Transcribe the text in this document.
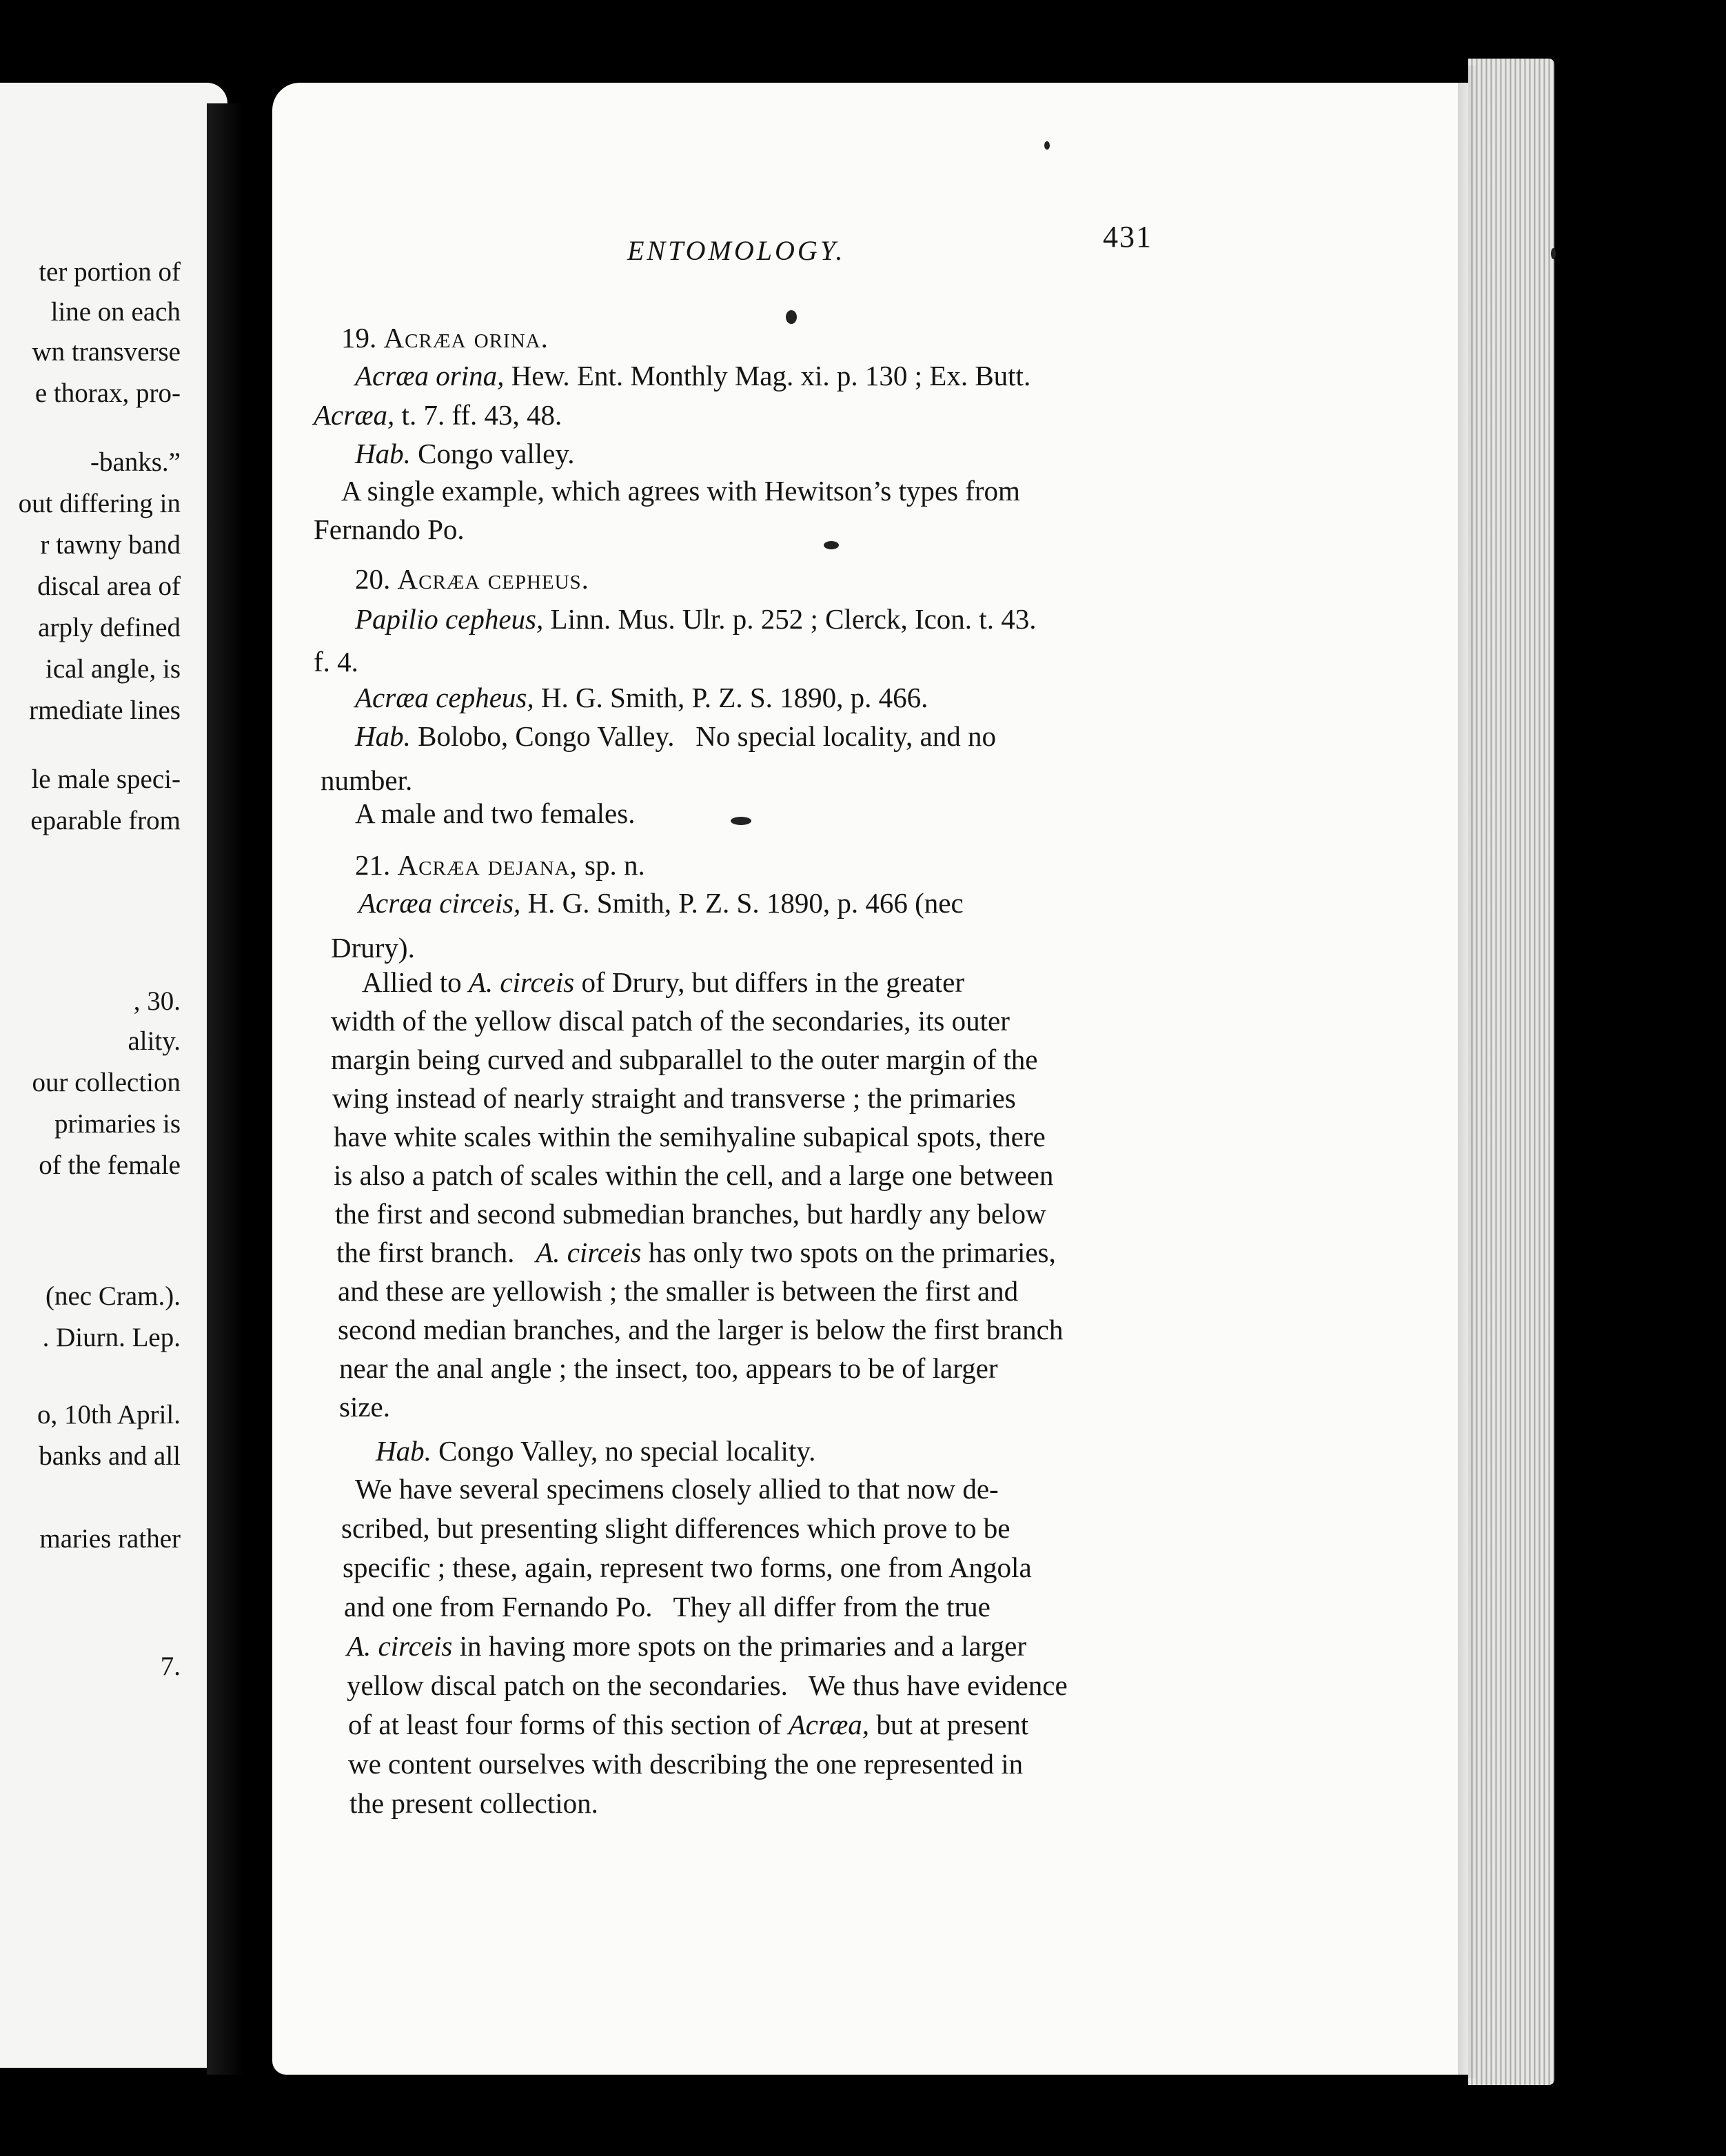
ter portion of
line on each
wn transverse
e thorax, pro-
-banks.”
out differing in
r tawny band
discal area of
arply defined
ical angle, is
rmediate lines
le male speci-
eparable from
, 30.
ality.
our collection
primaries is
of the female
(nec Cram.).
. Diurn. Lep.
o, 10th April.
banks and all
maries rather
7.
ENTOMOLOGY.	431
19. Acræa orina.
Acræa orina, Hew. Ent. Monthly Mag. xi. p. 130 ; Ex. Butt.
Acræa, t. 7. ff. 43, 48.
Hab. Congo valley.
A single example, which agrees with Hewitson’s types from
Fernando Po.
20. Acræa cepheus.
Papilio cepheus, Linn. Mus. Ulr. p. 252 ; Clerck, Icon. t. 43.
f. 4.
Acræa cepheus, H. G. Smith, P. Z. S. 1890, p. 466.
Hab. Bolobo, Congo Valley.   No special locality, and no
number.
A male and two females.
21. Acræa dejana, sp. n.
Acræa circeis, H. G. Smith, P. Z. S. 1890, p. 466 (nec
Drury).
Allied to A. circeis of Drury, but differs in the greater
width of the yellow discal patch of the secondaries, its outer
margin being curved and subparallel to the outer margin of the
wing instead of nearly straight and transverse ; the primaries
have white scales within the semihyaline subapical spots, there
is also a patch of scales within the cell, and a large one between
the first and second submedian branches, but hardly any below
the first branch.   A. circeis has only two spots on the primaries,
and these are yellowish ; the smaller is between the first and
second median branches, and the larger is below the first branch
near the anal angle ; the insect, too, appears to be of larger
size.
Hab. Congo Valley, no special locality.
We have several specimens closely allied to that now de-
scribed, but presenting slight differences which prove to be
specific ; these, again, represent two forms, one from Angola
and one from Fernando Po.   They all differ from the true
A. circeis in having more spots on the primaries and a larger
yellow discal patch on the secondaries.   We thus have evidence
of at least four forms of this section of Acræa, but at present
we content ourselves with describing the one represented in
the present collection.
